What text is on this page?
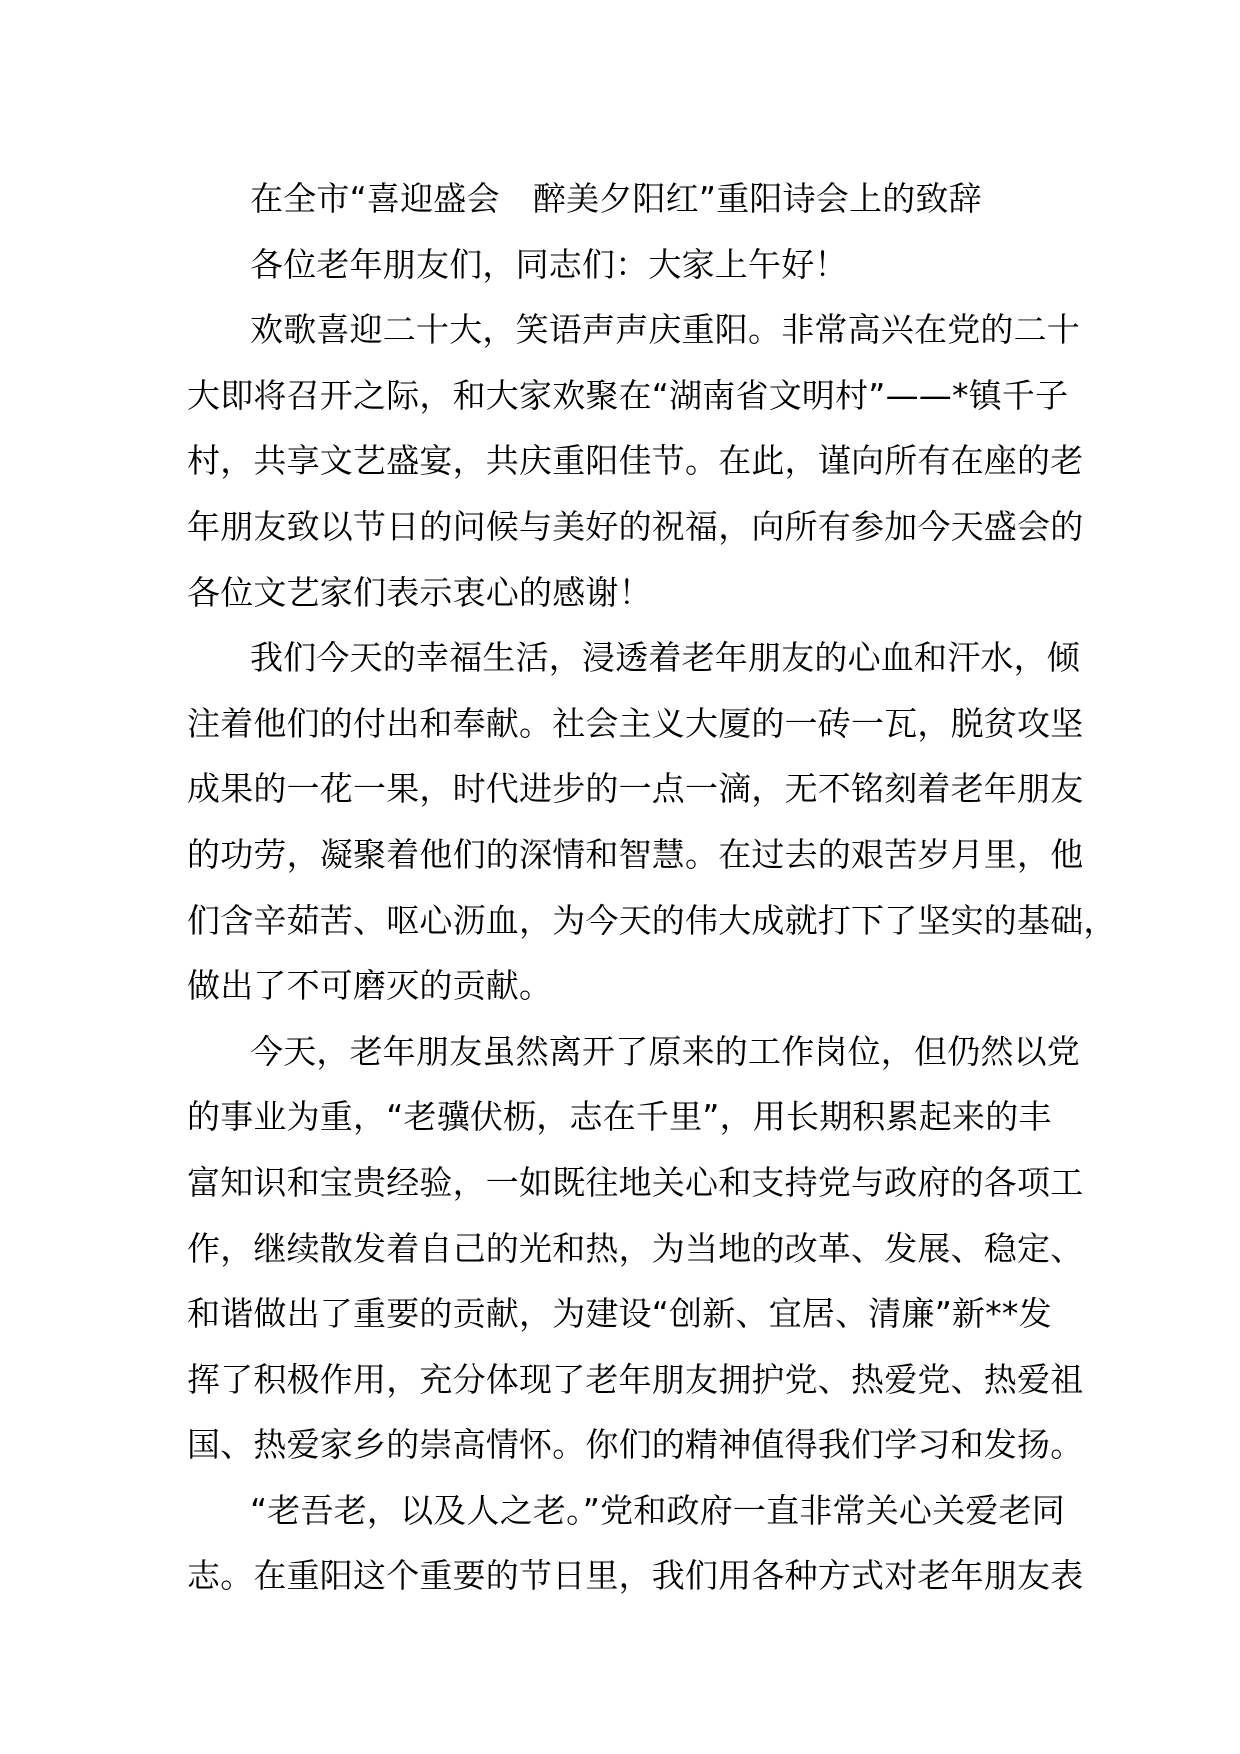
在全市“喜迎盛会　醉美夕阳红”重阳诗会上的致辞
各位老年朋友们，同志们：大家上午好！
欢歌喜迎二十大，笑语声声庆重阳。非常高兴在党的二十
大即将召开之际，和大家欢聚在“湖南省文明村”——*镇千子
村，共享文艺盛宴，共庆重阳佳节。在此，谨向所有在座的老
年朋友致以节日的问候与美好的祝福，向所有参加今天盛会的
各位文艺家们表示衷心的感谢！
我们今天的幸福生活，浸透着老年朋友的心血和汗水，倾
注着他们的付出和奉献。社会主义大厦的一砖一瓦，脱贫攻坚
成果的一花一果，时代进步的一点一滴，无不铭刻着老年朋友
的功劳，凝聚着他们的深情和智慧。在过去的艰苦岁月里，他
们含辛茹苦、呕心沥血，为今天的伟大成就打下了坚实的基础，
做出了不可磨灭的贡献。
今天，老年朋友虽然离开了原来的工作岗位，但仍然以党
的事业为重，“老骥伏枥，志在千里”，用长期积累起来的丰
富知识和宝贵经验，一如既往地关心和支持党与政府的各项工
作，继续散发着自己的光和热，为当地的改革、发展、稳定、
和谐做出了重要的贡献，为建设“创新、宜居、清廉”新**发
挥了积极作用，充分体现了老年朋友拥护党、热爱党、热爱祖
国、热爱家乡的崇高情怀。你们的精神值得我们学习和发扬。
“老吾老，以及人之老。”党和政府一直非常关心关爱老同
志。在重阳这个重要的节日里，我们用各种方式对老年朋友表
